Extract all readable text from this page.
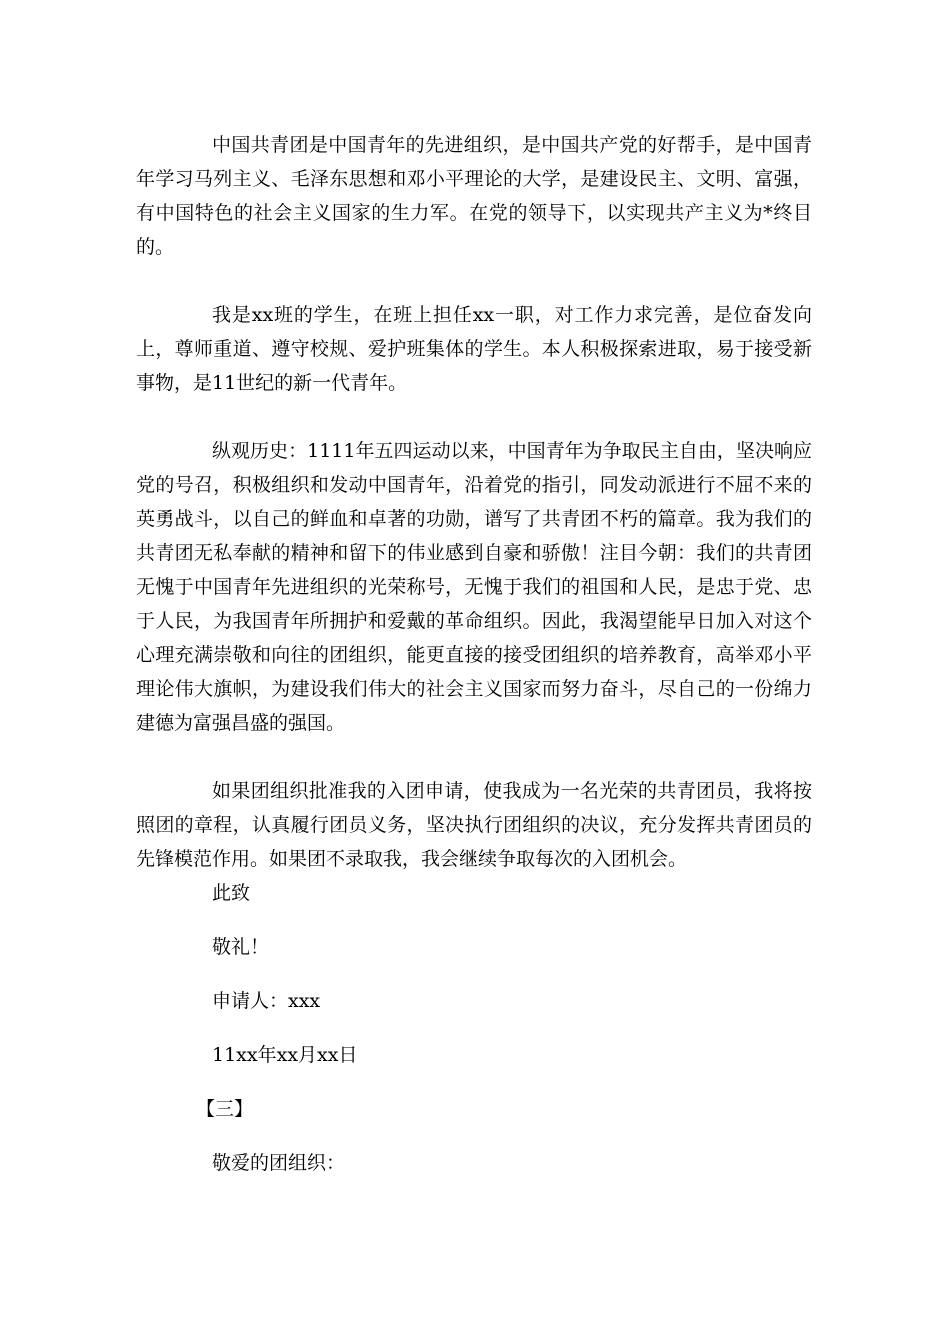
中国共青团是中国青年的先进组织，是中国共产党的好帮手，是中国青年学习马列主义、毛泽东思想和邓小平理论的大学，是建设民主、文明、富强，有中国特色的社会主义国家的生力军。在党的领导下，以实现共产主义为*终目的。

我是xx班的学生，在班上担任xx一职，对工作力求完善，是位奋发向上，尊师重道、遵守校规、爱护班集体的学生。本人积极探索进取，易于接受新事物，是11世纪的新一代青年。

纵观历史：1111年五四运动以来，中国青年为争取民主自由，坚决响应党的号召，积极组织和发动中国青年，沿着党的指引，同发动派进行不屈不来的英勇战斗，以自己的鲜血和卓著的功勋，谱写了共青团不朽的篇章。我为我们的共青团无私奉献的精神和留下的伟业感到自豪和骄傲！注目今朝：我们的共青团无愧于中国青年先进组织的光荣称号，无愧于我们的祖国和人民，是忠于党、忠于人民，为我国青年所拥护和爱戴的革命组织。因此，我渴望能早日加入对这个心理充满崇敬和向往的团组织，能更直接的接受团组织的培养教育，高举邓小平理论伟大旗帜，为建设我们伟大的社会主义国家而努力奋斗，尽自己的一份绵力建德为富强昌盛的强国。

如果团组织批准我的入团申请，使我成为一名光荣的共青团员，我将按照团的章程，认真履行团员义务，坚决执行团组织的决议，充分发挥共青团员的先锋模范作用。如果团不录取我，我会继续争取每次的入团机会。

此致

敬礼！

申请人：xxx

11xx年xx月xx日

【三】

敬爱的团组织：
